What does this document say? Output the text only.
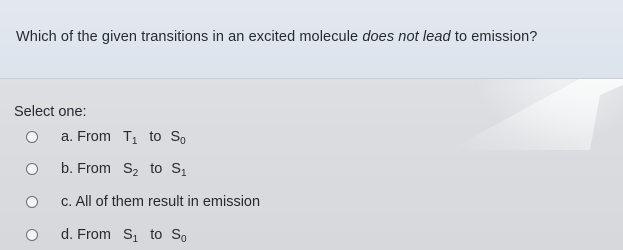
Which of the given transitions in an excited molecule does not lead to emission?
Select one:
a. From $T_1$ to $S_0$
b. From $S_2$ to $S_1$
c. All of them result in emission
d. From $S_1$ to $S_0$
